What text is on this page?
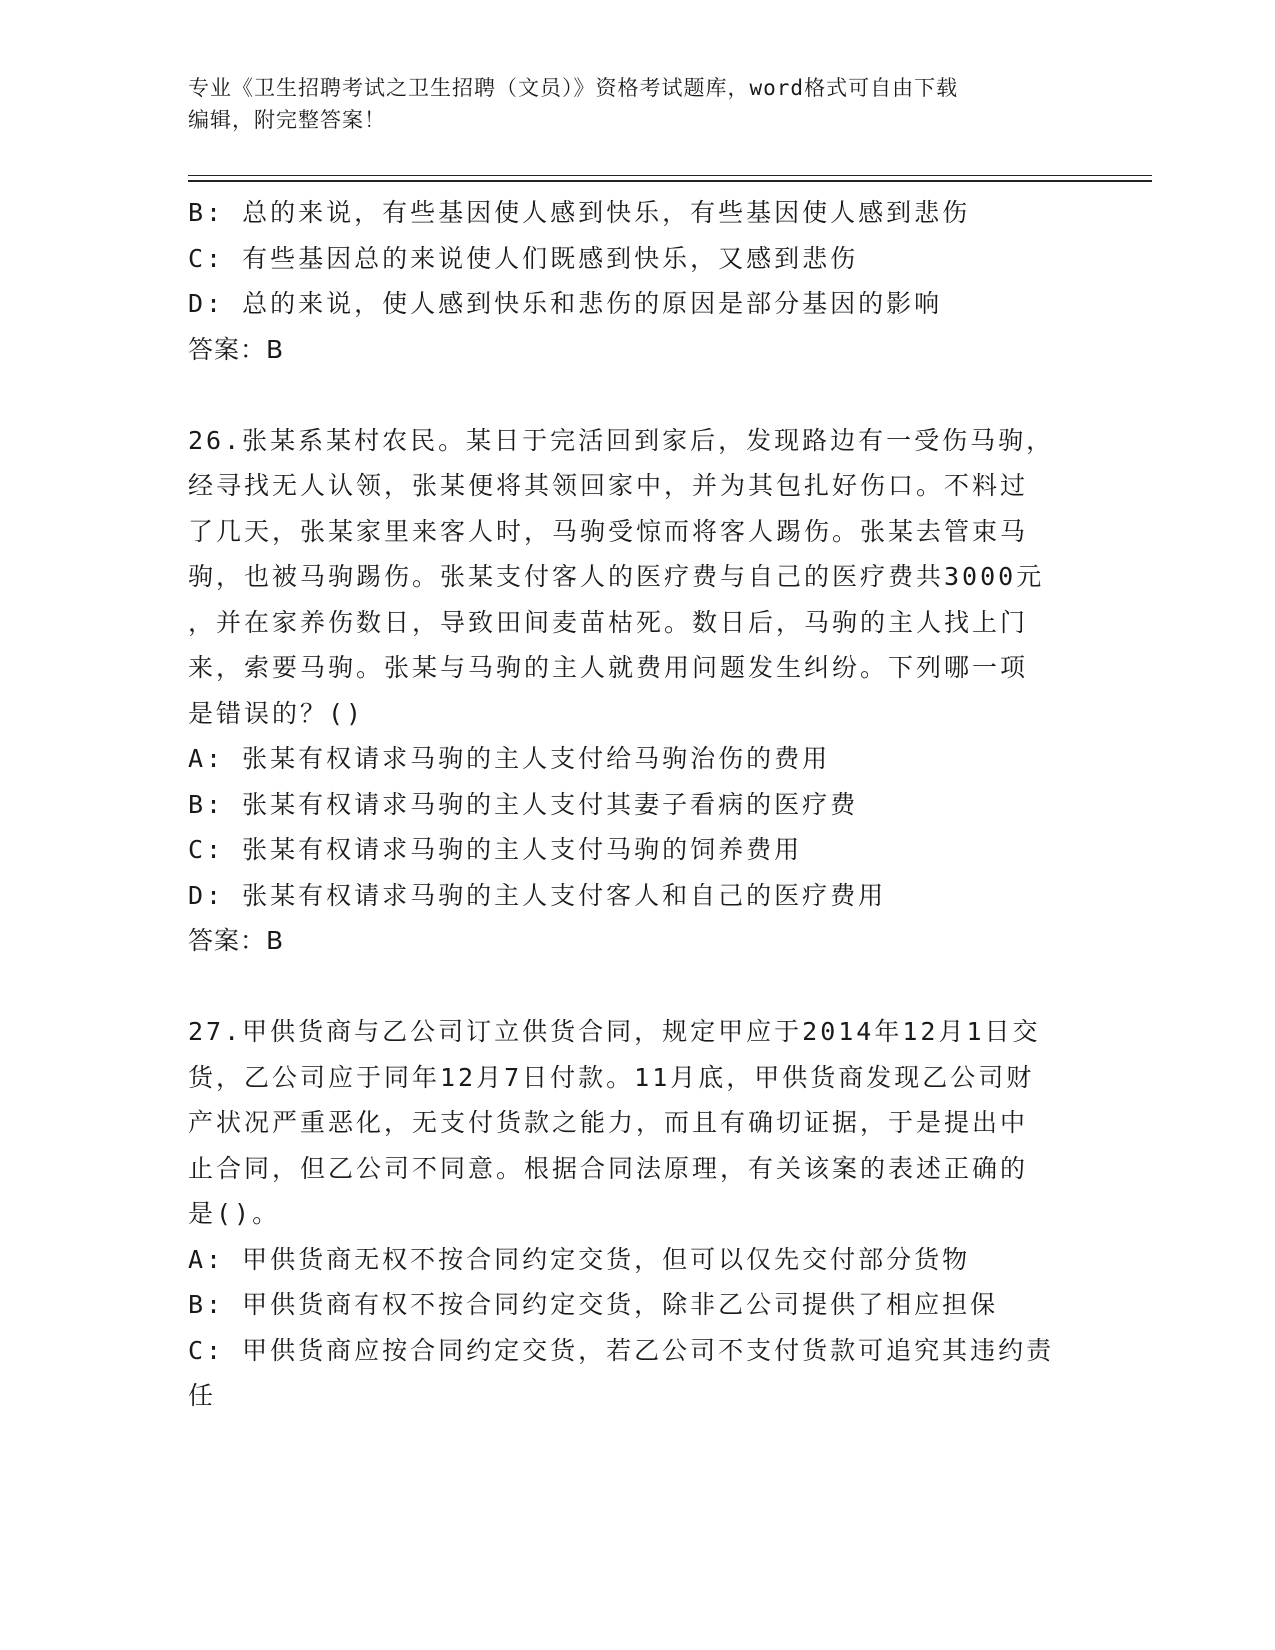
专业《卫生招聘考试之卫生招聘（文员）》资格考试题库，word格式可自由下载
编辑，附完整答案！
B: 总的来说，有些基因使人感到快乐，有些基因使人感到悲伤
C: 有些基因总的来说使人们既感到快乐，又感到悲伤
D: 总的来说，使人感到快乐和悲伤的原因是部分基因的影响
答案：B
26.张某系某村农民。某日于完活回到家后，发现路边有一受伤马驹，
经寻找无人认领，张某便将其领回家中，并为其包扎好伤口。不料过
了几天，张某家里来客人时，马驹受惊而将客人踢伤。张某去管束马
驹，也被马驹踢伤。张某支付客人的医疗费与自己的医疗费共3000元
，并在家养伤数日，导致田间麦苗枯死。数日后，马驹的主人找上门
来，索要马驹。张某与马驹的主人就费用问题发生纠纷。下列哪一项
是错误的？()
A: 张某有权请求马驹的主人支付给马驹治伤的费用
B: 张某有权请求马驹的主人支付其妻子看病的医疗费
C: 张某有权请求马驹的主人支付马驹的饲养费用
D: 张某有权请求马驹的主人支付客人和自己的医疗费用
答案：B
27.甲供货商与乙公司订立供货合同，规定甲应于2014年12月1日交
货，乙公司应于同年12月7日付款。11月底，甲供货商发现乙公司财
产状况严重恶化，无支付货款之能力，而且有确切证据，于是提出中
止合同，但乙公司不同意。根据合同法原理，有关该案的表述正确的
是()。
A: 甲供货商无权不按合同约定交货，但可以仅先交付部分货物
B: 甲供货商有权不按合同约定交货，除非乙公司提供了相应担保
C: 甲供货商应按合同约定交货，若乙公司不支付货款可追究其违约责
任
